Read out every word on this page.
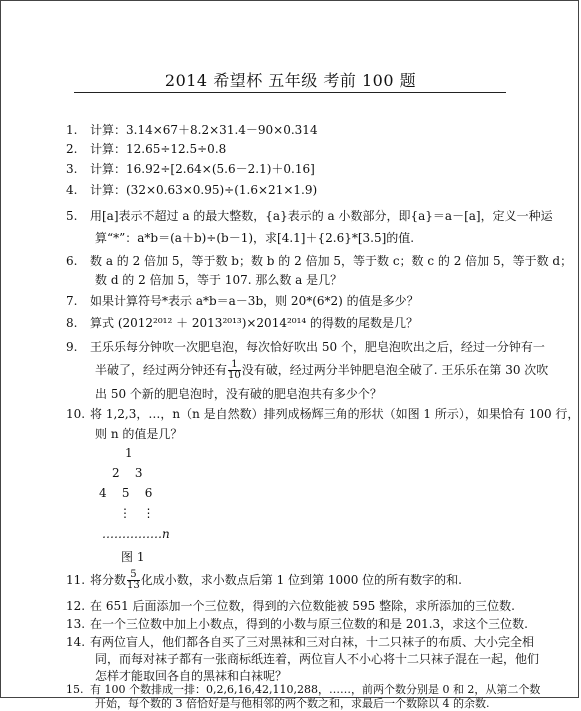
2014 希望杯 五年级 考前 100 题
1. 计算：3.14×67＋8.2×31.4－90×0.314
2. 计算：12.65÷12.5÷0.8
3. 计算：16.92÷[2.64×(5.6－2.1)＋0.16]
4. 计算：(32×0.63×0.95)÷(1.6×21×1.9)
5. 用[a]表示不超过 a 的最大整数，{a}表示的 a 小数部分，即{a}＝a－[a]，定义一种运
算“*”：a*b＝(a＋b)÷(b－1)，求[4.1]＋{2.6}*[3.5]的值.
6. 数 a 的 2 倍加 5，等于数 b；数 b 的 2 倍加 5，等于数 c；数 c 的 2 倍加 5，等于数 d；
数 d 的 2 倍加 5，等于 107. 那么数 a 是几？
7. 如果计算符号*表示 a*b＝a－3b，则 20*(6*2) 的值是多少？
8. 算式 (2012²⁰¹² ＋ 2013²⁰¹³)×2014²⁰¹⁴ 的得数的尾数是几？
9. 王乐乐每分钟吹一次肥皂泡，每次恰好吹出 50 个，肥皂泡吹出之后，经过一分钟有一
半破了，经过两分钟还有 $\frac{1}{10}$ 没有破，经过两分半钟肥皂泡全破了. 王乐乐在第 30 次吹
出 50 个新的肥皂泡时，没有破的肥皂泡共有多少个？
10. 将 1,2,3，…，n（n 是自然数）排列成杨辉三角的形状（如图 1 所示），如果恰有 100 行，
则 n 的值是几？
1
2    3
4    5    6
⋮   ⋮
……………n
图 1
11. 将分数 $\frac{5}{13}$ 化成小数，求小数点后第 1 位到第 1000 位的所有数字的和.
12. 在 651 后面添加一个三位数，得到的六位数能被 595 整除，求所添加的三位数.
13. 在一个三位数中加上小数点，得到的小数与原三位数的和是 201.3，求这个三位数.
14. 有两位盲人，他们都各自买了三对黑袜和三对白袜，十二只袜子的布质、大小完全相
同，而每对袜子都有一张商标纸连着，两位盲人不小心将十二只袜子混在一起，他们
怎样才能取回各自的黑袜和白袜呢？
15. 有 100 个数排成一排：0,2,6,16,42,110,288，……，前两个数分别是 0 和 2，从第二个数
开始，每个数的 3 倍恰好是与他相邻的两个数之和，求最后一个数除以 4 的余数.
